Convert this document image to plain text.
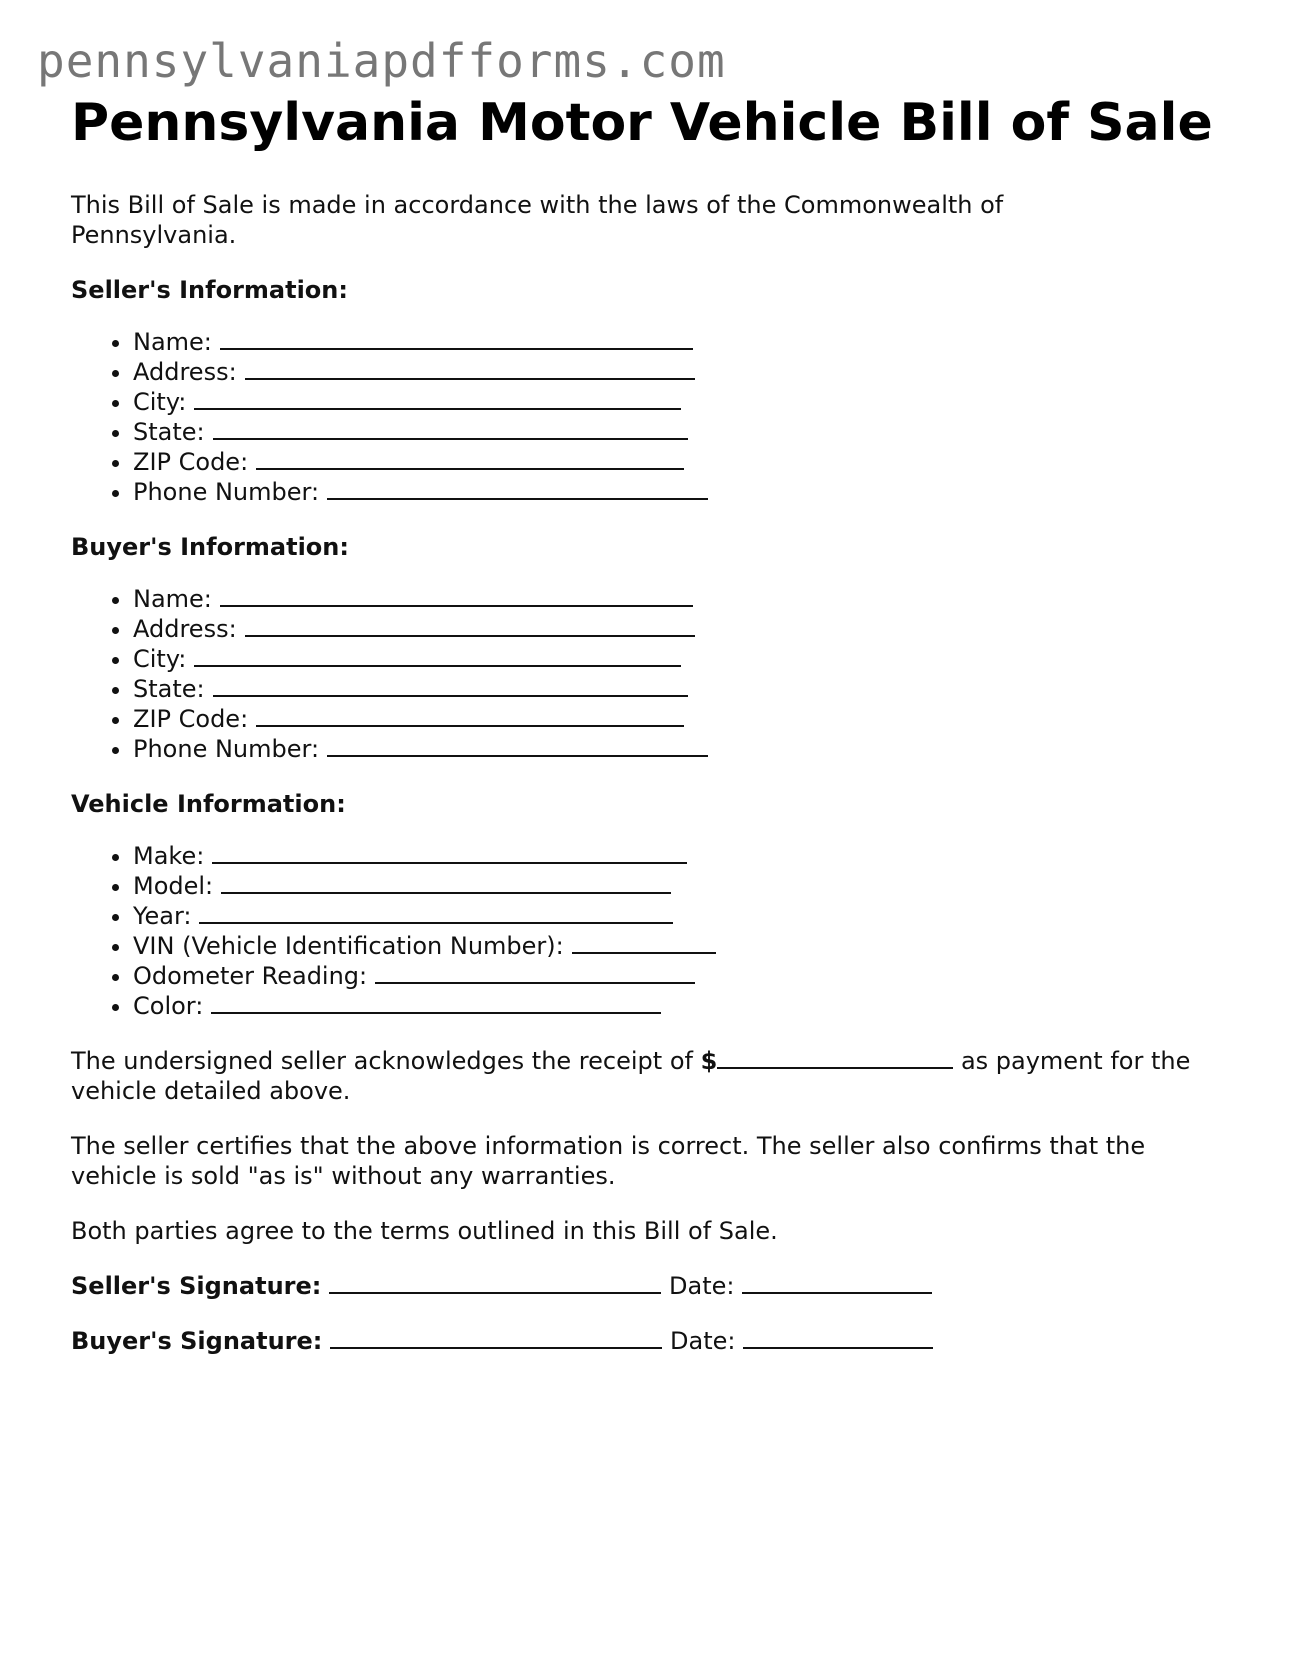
pennsylvaniapdfforms.com
Pennsylvania Motor Vehicle Bill of Sale

This Bill of Sale is made in accordance with the laws of the Commonwealth of Pennsylvania.

Seller's Information:

• Name:
• Address:
• City:
• State:
• ZIP Code:
• Phone Number:

Buyer's Information:

• Name:
• Address:
• City:
• State:
• ZIP Code:
• Phone Number:

Vehicle Information:

• Make:
• Model:
• Year:
• VIN (Vehicle Identification Number):
• Odometer Reading:
• Color:

The undersigned seller acknowledges the receipt of $	as payment for the vehicle detailed above.

The seller certifies that the above information is correct. The seller also confirms that the vehicle is sold "as is" without any warranties.

Both parties agree to the terms outlined in this Bill of Sale.

Seller's Signature:	Date:

Buyer's Signature:	Date:
